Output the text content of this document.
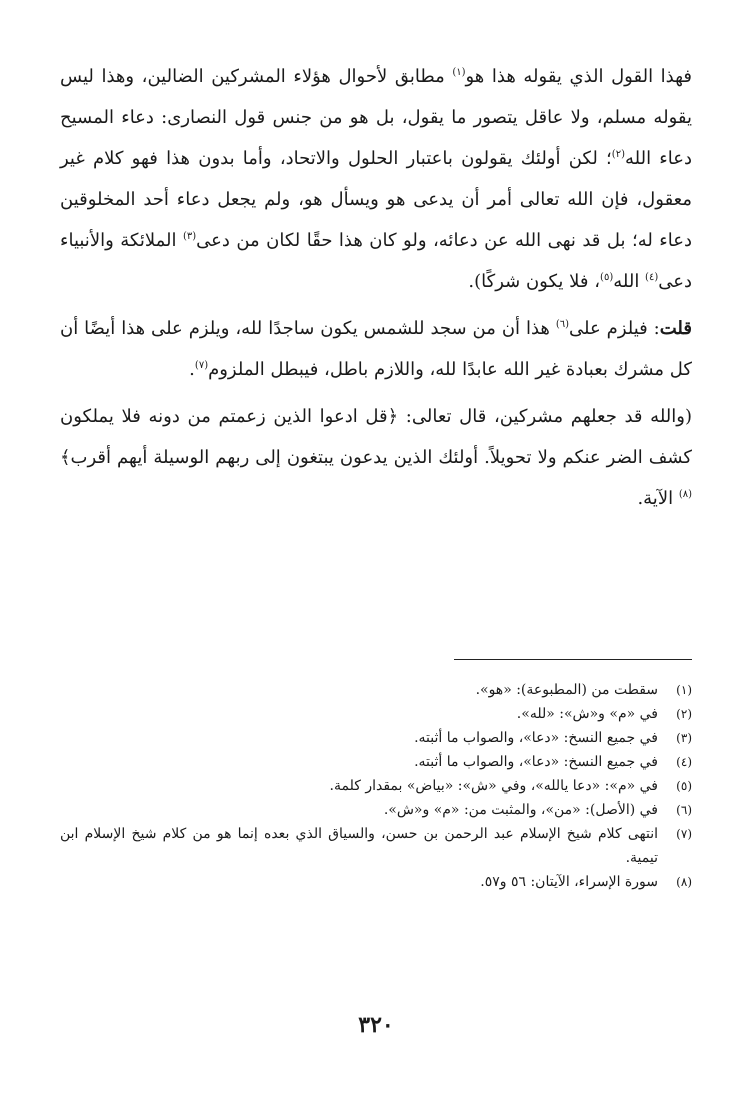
فهذا القول الذي يقوله هذا هو$^{(١)}$ مطابق لأحوال هؤلاء المشركين الضالين، وهذا ليس يقوله مسلم، ولا عاقل يتصور ما يقول، بل هو من جنس قول النصارى: دعاء المسيح دعاء الله$^{(٢)}$؛ لكن أولئك يقولون باعتبار الحلول والاتحاد، وأما بدون هذا فهو كلام غير معقول، فإن الله تعالى أمر أن يدعى هو ويسأل هو، ولم يجعل دعاء أحد المخلوقين دعاء له؛ بل قد نهى الله عن دعائه، ولو كان هذا حقًا لكان من دعى$^{(٣)}$ الملائكة والأنبياء دعى$^{(٤)}$ الله$^{(٥)}$، فلا يكون شركًا).

قلت: فيلزم على$^{(٦)}$ هذا أن من سجد للشمس يكون ساجدًا لله، ويلزم على هذا أيضًا أن كل مشرك بعبادة غير الله عابدًا لله، واللازم باطل، فيبطل الملزوم$^{(٧)}$.

(والله قد جعلهم مشركين، قال تعالى: ﴿قل ادعوا الذين زعمتم من دونه فلا يملكون كشف الضر عنكم ولا تحويلاً. أولئك الذين يدعون يبتغون إلى ربهم الوسيلة أيهم أقرب﴾$^{(٨)}$ الآية.

(١)
سقطت من (المطبوعة): «هو».
(٢)
في «م» و«ش»: «لله».
(٣)
في جميع النسخ: «دعا»، والصواب ما أثبته.
(٤)
في جميع النسخ: «دعا»، والصواب ما أثبته.
(٥)
في «م»: «دعا يالله»، وفي «ش»: «بياض» بمقدار كلمة.
(٦)
في (الأصل): «من»، والمثبت من: «م» و«ش».
(٧)
انتهى كلام شيخ الإسلام عبد الرحمن بن حسن، والسياق الذي بعده إنما هو من كلام شيخ الإسلام ابن تيمية.
(٨)
سورة الإسراء، الآيتان: ٥٦ و٥٧.
٣٢٠
